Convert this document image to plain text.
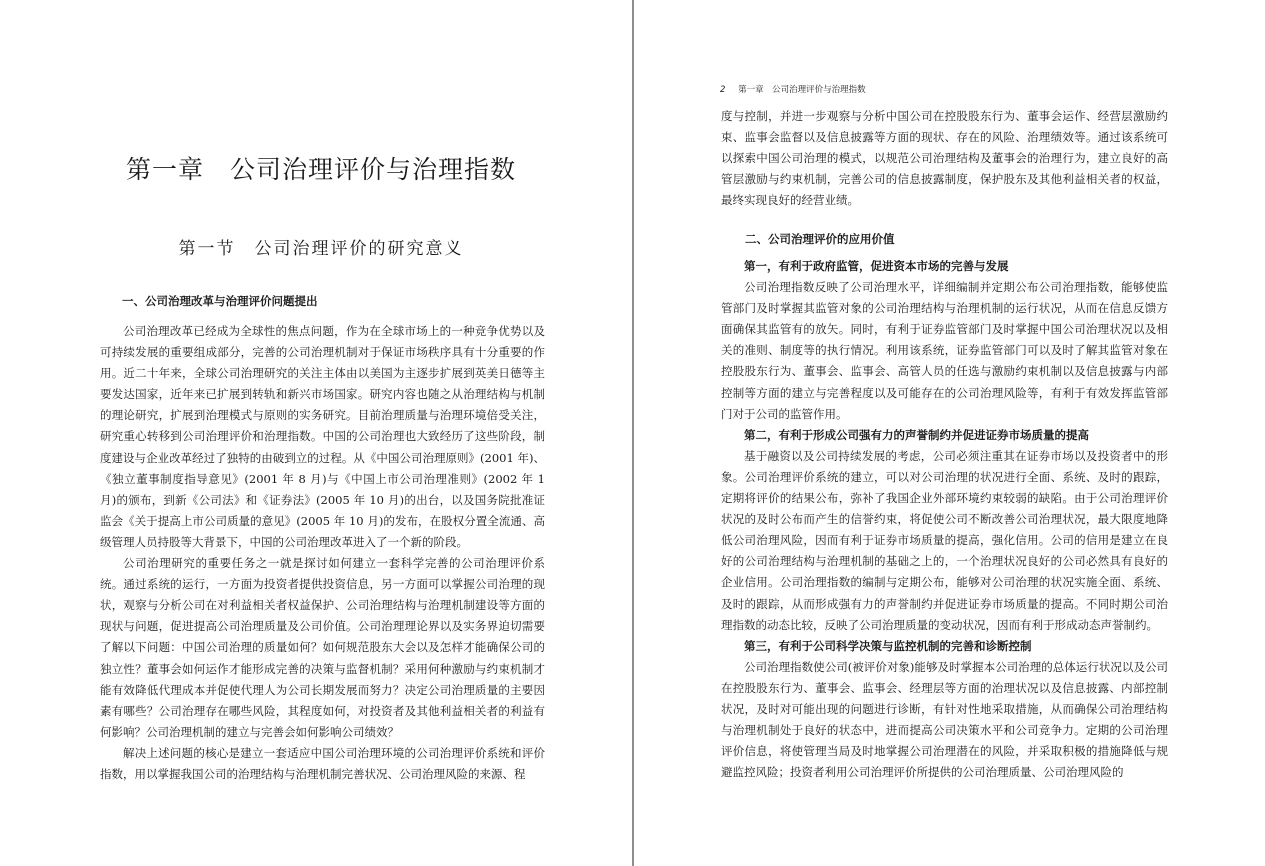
第一章　公司治理评价与治理指数
第一节　公司治理评价的研究意义
一、公司治理改革与治理评价问题提出

公司治理改革已经成为全球性的焦点问题，作为在全球市场上的一种竞争优势以及可持续发展的重要组成部分，完善的公司治理机制对于保证市场秩序具有十分重要的作用。近二十年来，全球公司治理研究的关注主体由以美国为主逐步扩展到英美日德等主要发达国家，近年来已扩展到转轨和新兴市场国家。研究内容也随之从治理结构与机制的理论研究，扩展到治理模式与原则的实务研究。目前治理质量与治理环境倍受关注，研究重心转移到公司治理评价和治理指数。中国的公司治理也大致经历了这些阶段，制度建设与企业改革经过了独特的由破到立的过程。从《中国公司治理原则》(2001 年)、《独立董事制度指导意见》(2001 年 8 月)与《中国上市公司治理准则》(2002 年 1 月)的颁布，到新《公司法》和《证券法》(2005 年 10 月)的出台，以及国务院批准证监会《关于提高上市公司质量的意见》(2005 年 10 月)的发布，在股权分置全流通、高级管理人员持股等大背景下，中国的公司治理改革进入了一个新的阶段。

公司治理研究的重要任务之一就是探讨如何建立一套科学完善的公司治理评价系统。通过系统的运行，一方面为投资者提供投资信息，另一方面可以掌握公司治理的现状，观察与分析公司在对利益相关者权益保护、公司治理结构与治理机制建设等方面的现状与问题，促进提高公司治理质量及公司价值。公司治理理论界以及实务界迫切需要了解以下问题：中国公司治理的质量如何？如何规范股东大会以及怎样才能确保公司的独立性？董事会如何运作才能形成完善的决策与监督机制？采用何种激励与约束机制才能有效降低代理成本并促使代理人为公司长期发展而努力？决定公司治理质量的主要因素有哪些？公司治理存在哪些风险，其程度如何，对投资者及其他利益相关者的利益有何影响？公司治理机制的建立与完善会如何影响公司绩效？

解决上述问题的核心是建立一套适应中国公司治理环境的公司治理评价系统和评价指数，用以掌握我国公司的治理结构与治理机制完善状况、公司治理风险的来源、程

2 第一章　公司治理评价与治理指数

度与控制，并进一步观察与分析中国公司在控股股东行为、董事会运作、经营层激励约束、监事会监督以及信息披露等方面的现状、存在的风险、治理绩效等。通过该系统可以探索中国公司治理的模式，以规范公司治理结构及董事会的治理行为，建立良好的高管层激励与约束机制，完善公司的信息披露制度，保护股东及其他利益相关者的权益，最终实现良好的经营业绩。

二、公司治理评价的应用价值
第一，有利于政府监管，促进资本市场的完善与发展

公司治理指数反映了公司治理水平，详细编制并定期公布公司治理指数，能够使监管部门及时掌握其监管对象的公司治理结构与治理机制的运行状况，从而在信息反馈方面确保其监管有的放矢。同时，有利于证券监管部门及时掌握中国公司治理状况以及相关的准则、制度等的执行情况。利用该系统，证券监管部门可以及时了解其监管对象在控股股东行为、董事会、监事会、高管人员的任选与激励约束机制以及信息披露与内部控制等方面的建立与完善程度以及可能存在的公司治理风险等，有利于有效发挥监管部门对于公司的监管作用。

第二，有利于形成公司强有力的声誉制约并促进证券市场质量的提高

基于融资以及公司持续发展的考虑，公司必须注重其在证券市场以及投资者中的形象。公司治理评价系统的建立，可以对公司治理的状况进行全面、系统、及时的跟踪，定期将评价的结果公布，弥补了我国企业外部环境约束较弱的缺陷。由于公司治理评价状况的及时公布而产生的信誉约束，将促使公司不断改善公司治理状况，最大限度地降低公司治理风险，因而有利于证券市场质量的提高，强化信用。公司的信用是建立在良好的公司治理结构与治理机制的基础之上的，一个治理状况良好的公司必然具有良好的企业信用。公司治理指数的编制与定期公布，能够对公司治理的状况实施全面、系统、及时的跟踪，从而形成强有力的声誉制约并促进证券市场质量的提高。不同时期公司治理指数的动态比较，反映了公司治理质量的变动状况，因而有利于形成动态声誉制约。

第三，有利于公司科学决策与监控机制的完善和诊断控制

公司治理指数使公司(被评价对象)能够及时掌握本公司治理的总体运行状况以及公司在控股股东行为、董事会、监事会、经理层等方面的治理状况以及信息披露、内部控制状况，及时对可能出现的问题进行诊断，有针对性地采取措施，从而确保公司治理结构与治理机制处于良好的状态中，进而提高公司决策水平和公司竞争力。定期的公司治理评价信息，将使管理当局及时地掌握公司治理潜在的风险，并采取积极的措施降低与规避监控风险；投资者利用公司治理评价所提供的公司治理质量、公司治理风险的
